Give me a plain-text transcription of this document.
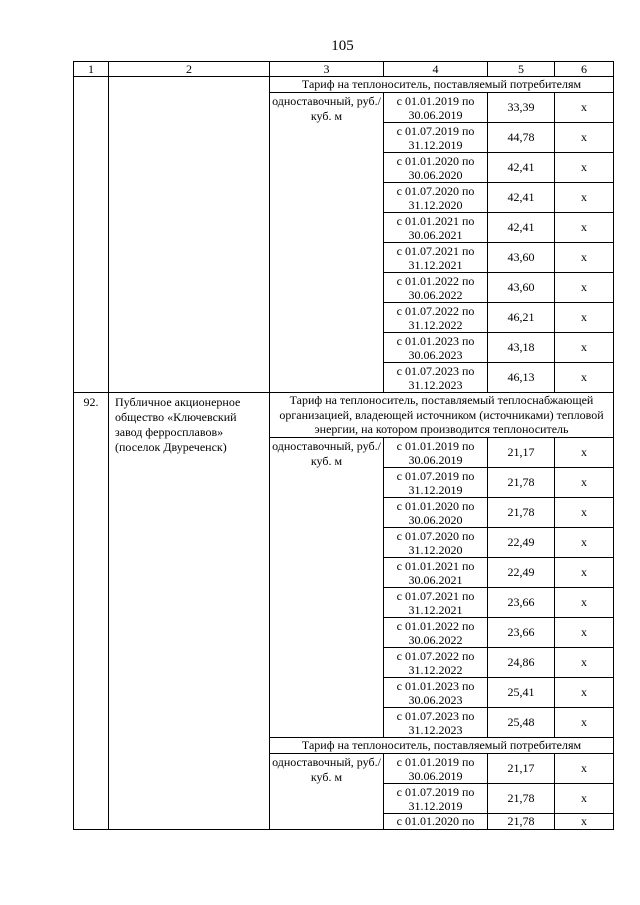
105
1	2	3	4	5	6
		Тариф на теплоноситель, поставляемый потребителям			
		одноставочный, руб./куб. м	с 01.01.2019 по 30.06.2019	33,39	x
			с 01.07.2019 по 31.12.2019	44,78	x
			с 01.01.2020 по 30.06.2020	42,41	x
			с 01.07.2020 по 31.12.2020	42,41	x
			с 01.01.2021 по 30.06.2021	42,41	x
			с 01.07.2021 по 31.12.2021	43,60	x
			с 01.01.2022 по 30.06.2022	43,60	x
			с 01.07.2022 по 31.12.2022	46,21	x
			с 01.01.2023 по 30.06.2023	43,18	x
			с 01.07.2023 по 31.12.2023	46,13	x
92.	Публичное акционерное общество «Ключевский завод ферросплавов» (поселок Двуреченск)	Тариф на теплоноситель, поставляемый теплоснабжающей организацией, владеющей источником (источниками) тепловой энергии, на котором производится теплоноситель			
		одноставочный, руб./куб. м	с 01.01.2019 по 30.06.2019	21,17	x
			с 01.07.2019 по 31.12.2019	21,78	x
			с 01.01.2020 по 30.06.2020	21,78	x
			с 01.07.2020 по 31.12.2020	22,49	x
			с 01.01.2021 по 30.06.2021	22,49	x
			с 01.07.2021 по 31.12.2021	23,66	x
			с 01.01.2022 по 30.06.2022	23,66	x
			с 01.07.2022 по 31.12.2022	24,86	x
			с 01.01.2023 по 30.06.2023	25,41	x
			с 01.07.2023 по 31.12.2023	25,48	x
		Тариф на теплоноситель, поставляемый потребителям			
		одноставочный, руб./куб. м	с 01.01.2019 по 30.06.2019	21,17	x
			с 01.07.2019 по 31.12.2019	21,78	x
			с 01.01.2020 по	21,78	x
